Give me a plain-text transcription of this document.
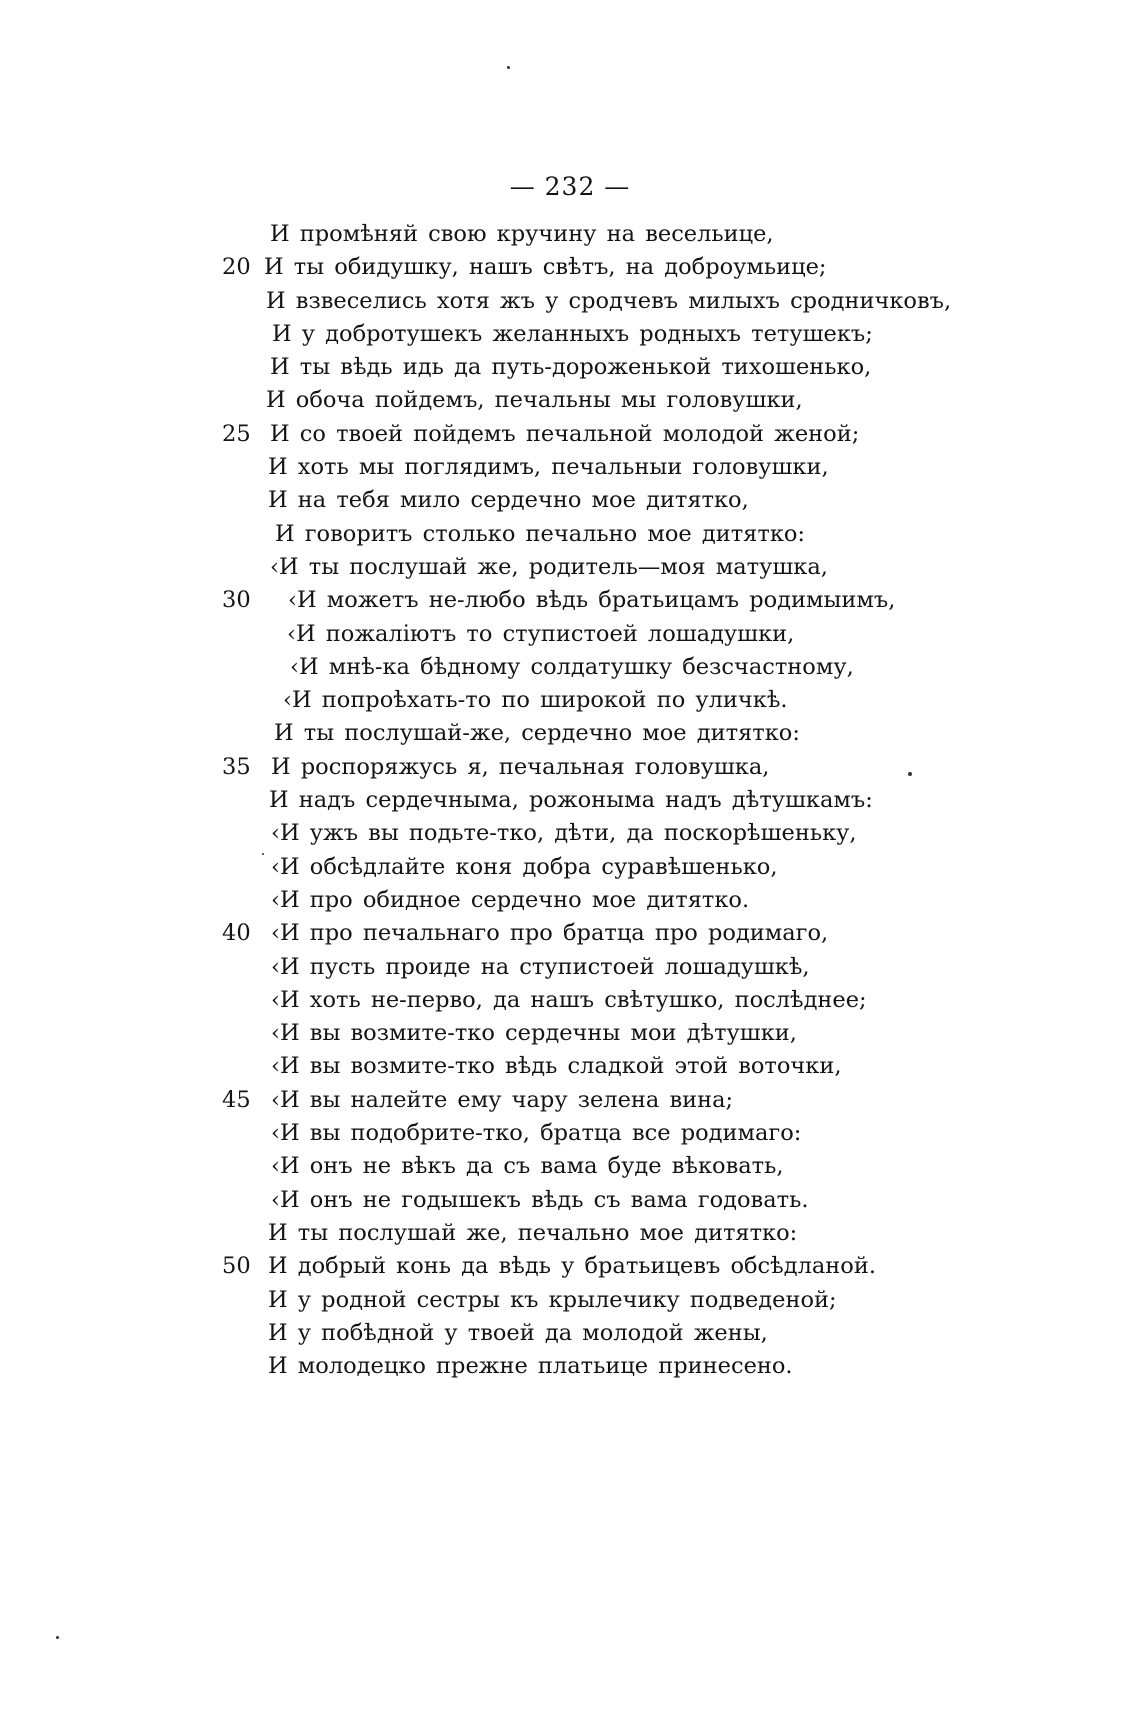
— 232 —
И промѣняй свою кручину на весельице,
20 И ты обидушку, нашъ свѣтъ, на доброумьице;
И взвеселись хотя жъ у сродчевъ милыхъ сродничковъ,
И у добротушекъ желанныхъ родныхъ тетушекъ;
И ты вѣдь идь да путь-дороженькой тихошенько,
И обоча пойдемъ, печальны мы головушки,
25 И со твоей пойдемъ печальной молодой женой;
И хоть мы поглядимъ, печальныи головушки,
И на тебя мило сердечно мое дитятко,
И говоритъ столько печально мое дитятко:
‹И ты послушай же, родитель—моя матушка,
30	‹И можетъ не-любо вѣдь братьицамъ родимыимъ,
‹И пожалiютъ то ступистоей лошадушки,
‹И мнѣ-ка бѣдному солдатушку безсчастному,
‹И попроѣхать-то по широкой по уличкѣ.
И ты послушай-же, сердечно мое дитятко:
35 И роспоряжусь я, печальная головушка,
И надъ сердечныма, рожоныма надъ дѣтушкамъ:
‹И ужъ вы подьте-тко, дѣти, да поскорѣшеньку,
‹И обсѣдлайте коня добра суравѣшенько,
‹И про обидное сердечно мое дитятко.
40 ‹И про печальнаго про братца про родимаго,
‹И пусть проиде на ступистоей лошадушкѣ,
‹И хоть не-перво, да нашъ свѣтушко, послѣднее;
‹И вы возмите-тко сердечны мои дѣтушки,
‹И вы возмите-тко вѣдь сладкой этой воточки,
45 ‹И вы налейте ему чару зелена вина;
‹И вы подобрите-тко, братца все родимаго:
‹И онъ не вѣкъ да съ вама буде вѣковать,
‹И онъ не годышекъ вѣдь съ вама годовать.
И ты послушай же, печально мое дитятко:
50 И добрый конь да вѣдь у братьицевъ обсѣдланой.
И у родной сестры къ крылечику подведеной;
И у побѣдной у твоей да молодой жены,
И молодецко прежне платьице принесено.
